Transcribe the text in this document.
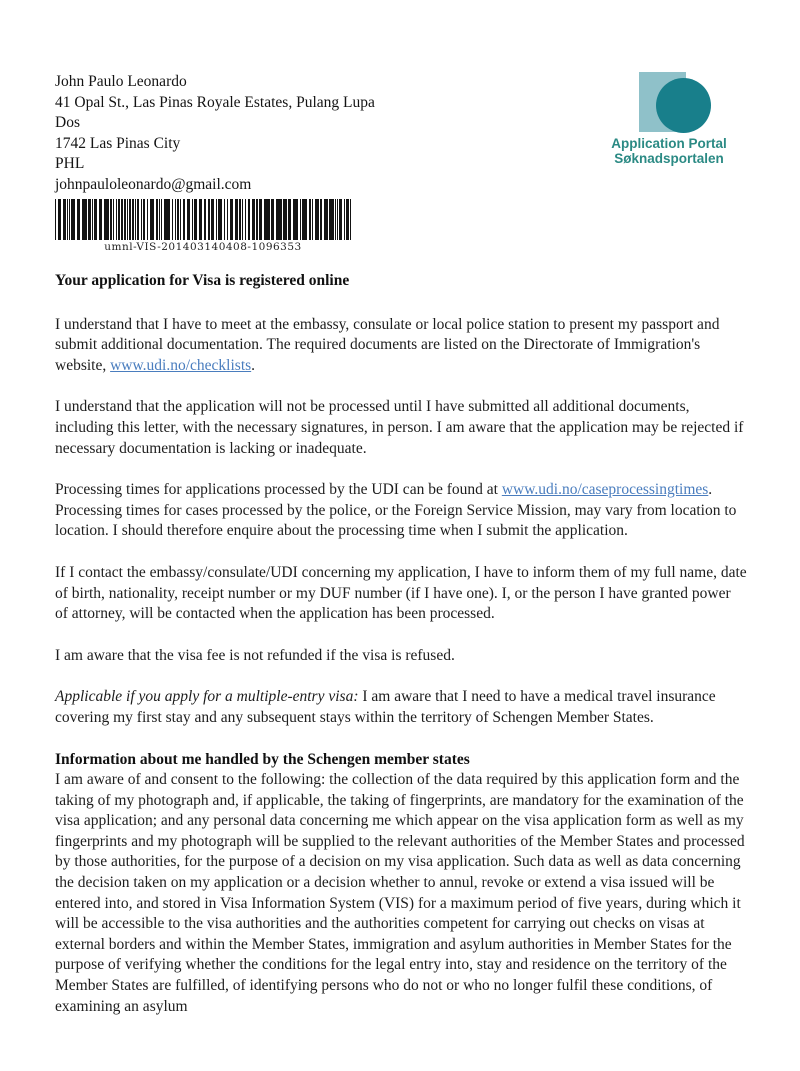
John Paulo Leonardo
41 Opal St., Las Pinas Royale Estates, Pulang Lupa
Dos
1742 Las Pinas City
PHL
johnpauloleonardo@gmail.com
Application Portal
Søknadsportalen
umnl-VIS-201403140408-1096353
Your application for Visa is registered online

I understand that I have to meet at the embassy, consulate or local police station to present my passport and submit additional documentation. The required documents are listed on the Directorate of Immigration's website, www.udi.no/checklists.

I understand that the application will not be processed until I have submitted all additional documents, including this letter, with the necessary signatures, in person. I am aware that the application may be rejected if necessary documentation is lacking or inadequate.

Processing times for applications processed by the UDI can be found at www.udi.no/caseprocessingtimes. Processing times for cases processed by the police, or the Foreign Service Mission, may vary from location to location. I should therefore enquire about the processing time when I submit the application.

If I contact the embassy/consulate/UDI concerning my application, I have to inform them of my full name, date of birth, nationality, receipt number or my DUF number (if I have one). I, or the person I have granted power of attorney, will be contacted when the application has been processed.

I am aware that the visa fee is not refunded if the visa is refused.

Applicable if you apply for a multiple-entry visa: I am aware that I need to have a medical travel insurance covering my first stay and any subsequent stays within the territory of Schengen Member States.

Information about me handled by the Schengen member states

I am aware of and consent to the following: the collection of the data required by this application form and the taking of my photograph and, if applicable, the taking of fingerprints, are mandatory for the examination of the visa application; and any personal data concerning me which appear on the visa application form as well as my fingerprints and my photograph will be supplied to the relevant authorities of the Member States and processed by those authorities, for the purpose of a decision on my visa application. Such data as well as data concerning the decision taken on my application or a decision whether to annul, revoke or extend a visa issued will be entered into, and stored in Visa Information System (VIS) for a maximum period of five years, during which it will be accessible to the visa authorities and the authorities competent for carrying out checks on visas at external borders and within the Member States, immigration and asylum authorities in Member States for the purpose of verifying whether the conditions for the legal entry into, stay and residence on the territory of the Member States are fulfilled, of identifying persons who do not or who no longer fulfil these conditions, of examining an asylum
